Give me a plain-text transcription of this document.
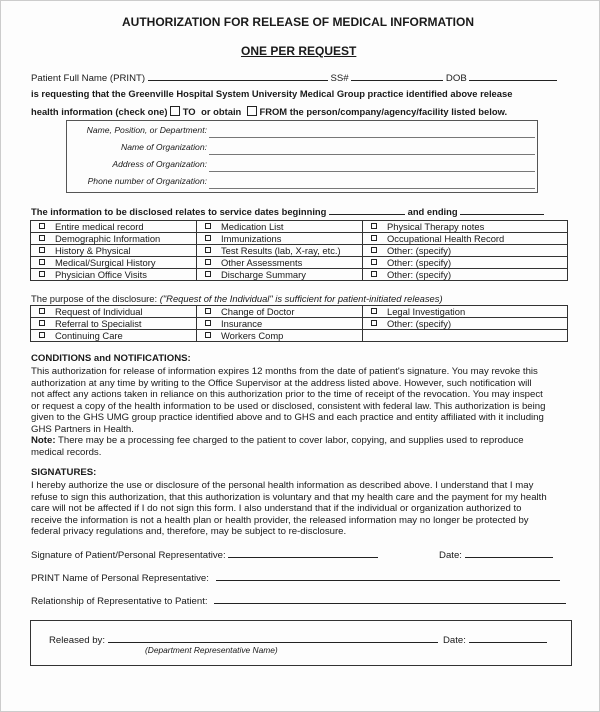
AUTHORIZATION FOR RELEASE OF MEDICAL INFORMATION
ONE PER REQUEST
Patient Full Name (PRINT)	SS#	DOB
is requesting that the Greenville Hospital System University Medical Group practice identified above release
health information (check one) TO or obtain FROM the person/company/agency/facility listed below.
Name, Position, or Department:
Name of Organization:
Address of Organization:
Phone number of Organization:
The information to be disclosed relates to service dates beginning	and ending
Entire medical record	Medication List	Physical Therapy notes
Demographic Information	Immunizations	Occupational Health Record
History & Physical	Test Results (lab, X-ray, etc.)	Other: (specify)
Medical/Surgical History	Other Assessments	Other: (specify)
Physician Office Visits	Discharge Summary	Other: (specify)
The purpose of the disclosure: ("Request of the Individual" is sufficient for patient-initiated releases)
Request of Individual	Change of Doctor	Legal Investigation
Referral to Specialist	Insurance	Other: (specify)
Continuing Care	Workers Comp	
CONDITIONS and NOTIFICATIONS:
This authorization for release of information expires 12 months from the date of patient's signature. You may revoke this
authorization at any time by writing to the Office Supervisor at the address listed above. However, such notification will
not affect any actions taken in reliance on this authorization prior to the time of receipt of the revocation. You may inspect
or request a copy of the health information to be used or disclosed, consistent with federal law. This authorization is being
given to the GHS UMG group practice identified above and to GHS and each practice and entity affiliated with it including
GHS Partners in Health.
Note: There may be a processing fee charged to the patient to cover labor, copying, and supplies used to reproduce
medical records.
SIGNATURES:
I hereby authorize the use or disclosure of the personal health information as described above. I understand that I may
refuse to sign this authorization, that this authorization is voluntary and that my health care and the payment for my health
care will not be affected if I do not sign this form. I also understand that if the individual or organization authorized to
receive the information is not a health plan or health provider, the released information may no longer be protected by
federal privacy regulations and, therefore, may be subject to re-disclosure.
Signature of Patient/Personal Representative:	Date:
PRINT Name of Personal Representative:
Relationship of Representative to Patient:
Released by:	Date:
(Department Representative Name)
